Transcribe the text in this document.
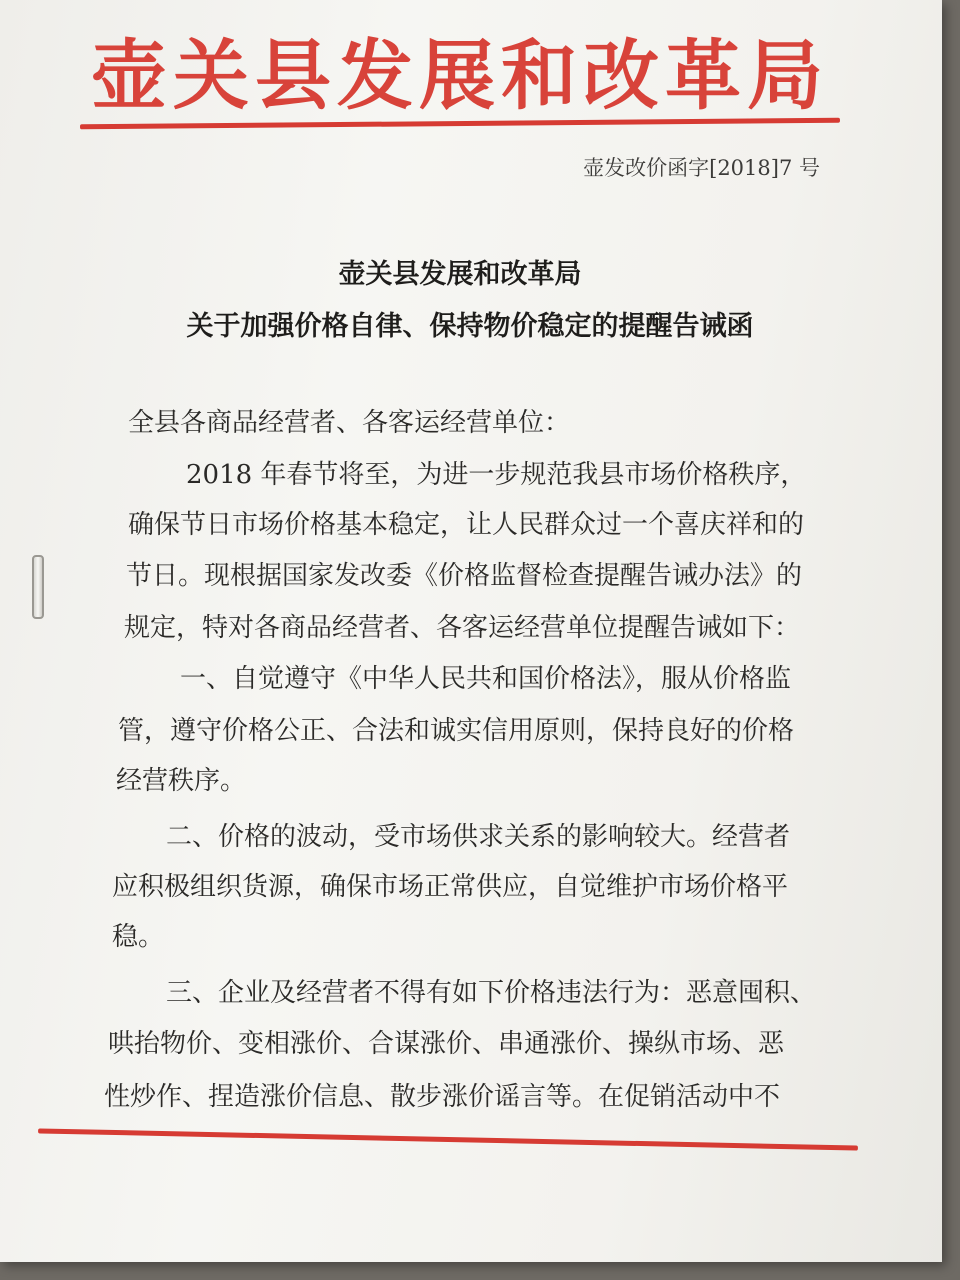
壶关县发展和改革局
壶发改价函字[2018]7 号
壶关县发展和改革局
关于加强价格自律、保持物价稳定的提醒告诫函
全县各商品经营者、各客运经营单位：
2018 年春节将至，为进一步规范我县市场价格秩序，
确保节日市场价格基本稳定，让人民群众过一个喜庆祥和的
节日。现根据国家发改委《价格监督检查提醒告诫办法》的
规定，特对各商品经营者、各客运经营单位提醒告诫如下：
一、自觉遵守《中华人民共和国价格法》，服从价格监
管，遵守价格公正、合法和诚实信用原则，保持良好的价格
经营秩序。
二、价格的波动，受市场供求关系的影响较大。经营者
应积极组织货源，确保市场正常供应，自觉维护市场价格平
稳。
三、企业及经营者不得有如下价格违法行为：恶意囤积、
哄抬物价、变相涨价、合谋涨价、串通涨价、操纵市场、恶
性炒作、捏造涨价信息、散步涨价谣言等。在促销活动中不
